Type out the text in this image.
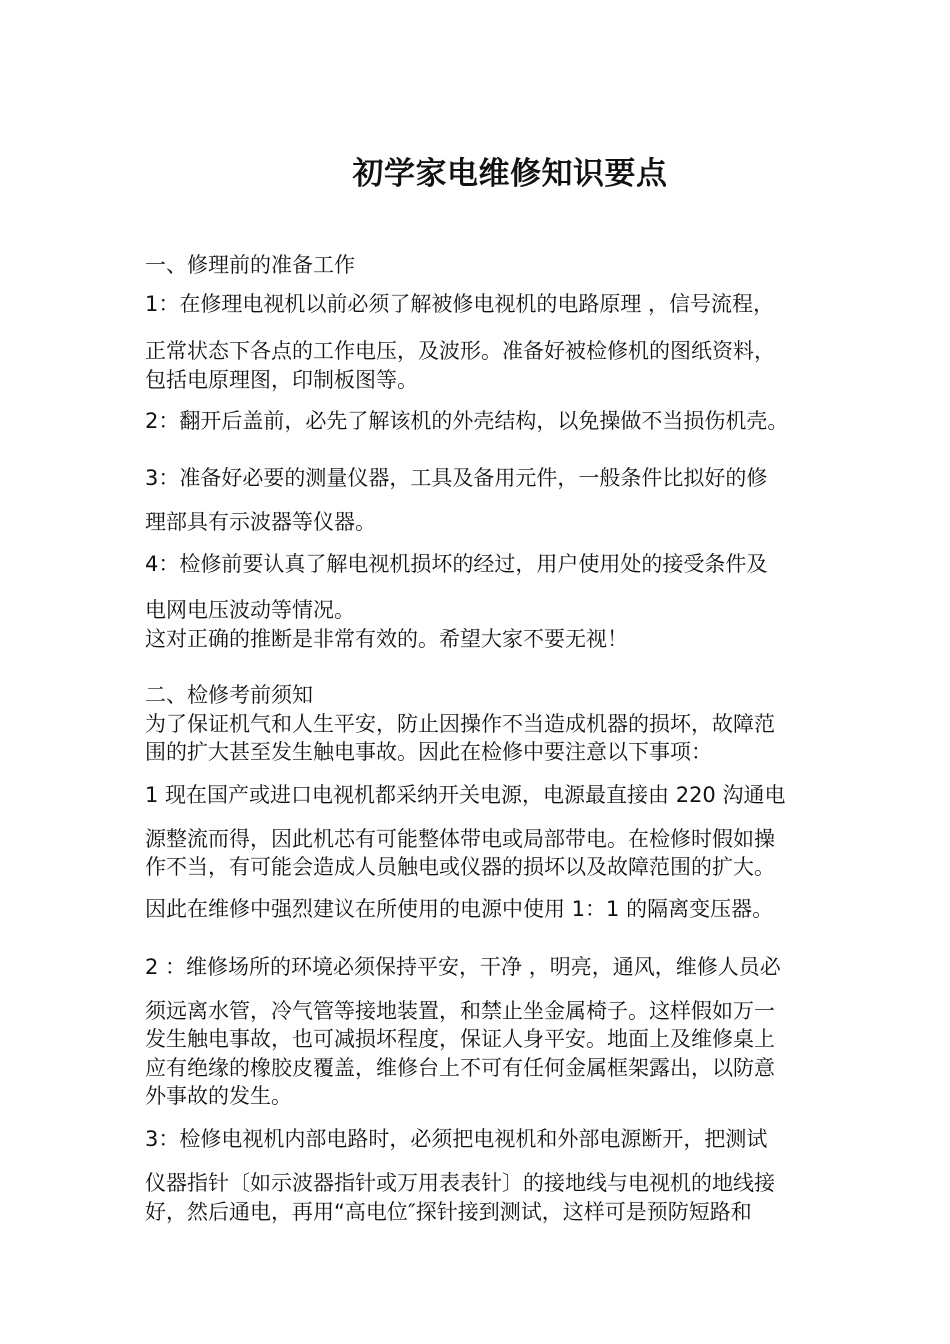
初学家电维修知识要点
一、修理前的准备工作
1：在修理电视机以前必须了解被修电视机的电路原理 ，信号流程，
正常状态下各点的工作电压，及波形。准备好被检修机的图纸资料，
包括电原理图，印制板图等。
2：翻开后盖前，必先了解该机的外壳结构，以免操做不当损伤机壳。
3：准备好必要的测量仪器，工具及备用元件，一般条件比拟好的修
理部具有示波器等仪器。
4：检修前要认真了解电视机损坏的经过，用户使用处的接受条件及
电网电压波动等情况。
这对正确的推断是非常有效的。希望大家不要无视！
二、检修考前须知
为了保证机气和人生平安，防止因操作不当造成机器的损坏，故障范
围的扩大甚至发生触电事故。因此在检修中要注意以下事项：
1 现在国产或进口电视机都采纳开关电源，电源最直接由 220 沟通电
源整流而得，因此机芯有可能整体带电或局部带电。在检修时假如操
作不当，有可能会造成人员触电或仪器的损坏以及故障范围的扩大。
因此在维修中强烈建议在所使用的电源中使用 1：1 的隔离变压器。
2 ：维修场所的环境必须保持平安，干净 ，明亮，通风，维修人员必
须远离水管，冷气管等接地装置，和禁止坐金属椅子。这样假如万一
发生触电事故，也可减损坏程度，保证人身平安。地面上及维修桌上
应有绝缘的橡胶皮覆盖，维修台上不可有任何金属框架露出，以防意
外事故的发生。
3：检修电视机内部电路时，必须把电视机和外部电源断开，把测试
仪器指针〔如示波器指针或万用表表针〕的接地线与电视机的地线接
好，然后通电，再用“高电位″探针接到测试，这样可是预防短路和
